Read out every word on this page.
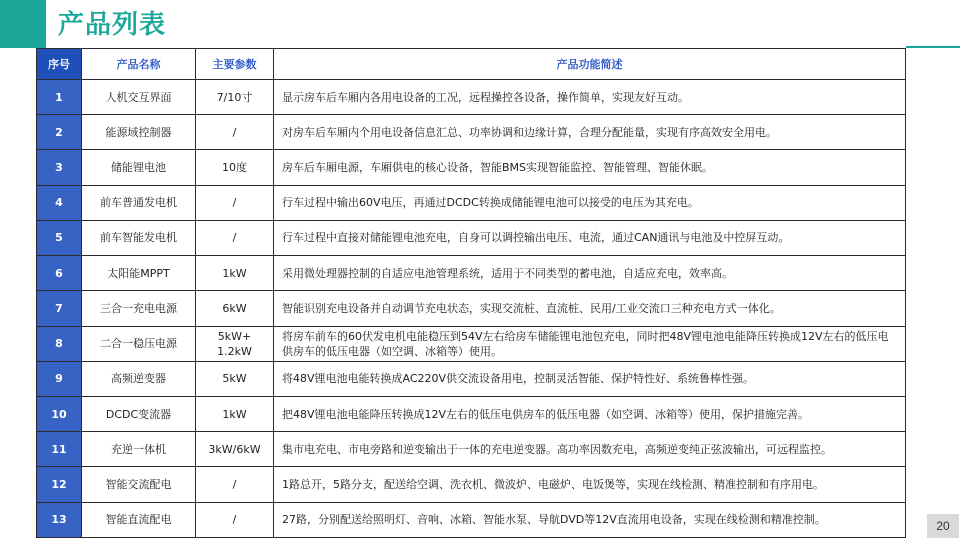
产品列表
序号	产品名称	主要参数	产品功能简述
1	人机交互界面	7/10寸	显示房车后车厢内各用电设备的工况，远程操控各设备，操作简单，实现友好互动。
2	能源域控制器	/	对房车后车厢内个用电设备信息汇总、功率协调和边缘计算，合理分配能量，实现有序高效安全用电。
3	储能锂电池	10度	房车后车厢电源，车厢供电的核心设备，智能BMS实现智能监控、智能管理、智能休眠。
4	前车普通发电机	/	行车过程中输出60V电压，再通过DCDC转换成储能锂电池可以接受的电压为其充电。
5	前车智能发电机	/	行车过程中直接对储能锂电池充电，自身可以调控输出电压、电流，通过CAN通讯与电池及中控屏互动。
6	太阳能MPPT	1kW	采用微处理器控制的自适应电池管理系统，适用于不同类型的蓄电池，自适应充电，效率高。
7	三合一充电电源	6kW	智能识别充电设备并自动调节充电状态，实现交流桩、直流桩、民用/工业交流口三种充电方式一体化。
8	二合一稳压电源	5kW+ 1.2kW	将房车前车的60伏发电机电能稳压到54V左右给房车储能锂电池包充电，同时把48V锂电池电能降压转换成12V左右的低压电供房车的低压电器（如空调、冰箱等）使用。
9	高频逆变器	5kW	将48V锂电池电能转换成AC220V供交流设备用电，控制灵活智能、保护特性好、系统鲁棒性强。
10	DCDC变流器	1kW	把48V锂电池电能降压转换成12V左右的低压电供房车的低压电器（如空调、冰箱等）使用，保护措施完善。
11	充逆一体机	3kW/6kW	集市电充电、市电旁路和逆变输出于一体的充电逆变器。高功率因数充电，高频逆变纯正弦波输出，可远程监控。
12	智能交流配电	/	1路总开，5路分支，配送给空调、洗衣机、微波炉、电磁炉、电饭煲等，实现在线检测、精准控制和有序用电。
13	智能直流配电	/	27路，分别配送给照明灯、音响、冰箱、智能水泵、导航DVD等12V直流用电设备，实现在线检测和精准控制。	20
